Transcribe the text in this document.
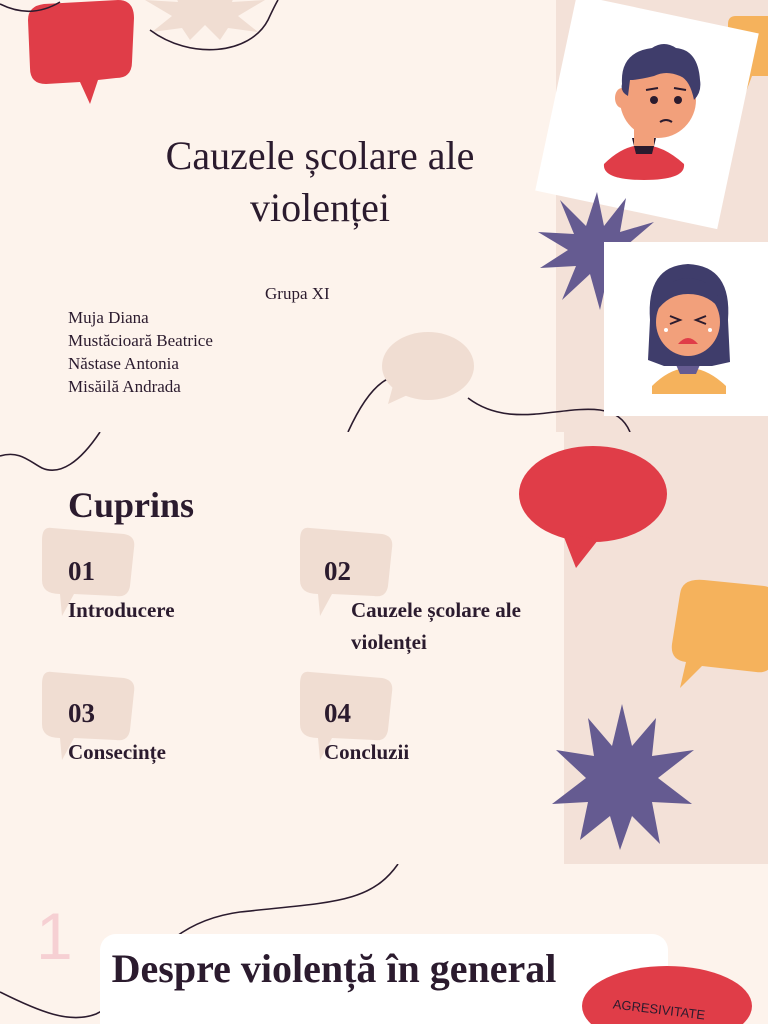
Cauzele școlare ale violenței
Grupa XI
Muja Diana
Mustăcioară Beatrice
Năstase Antonia
Misăilă Andrada
Cuprins
01
Introducere
02
Cauzele școlare ale violenței
03
Consecințe
04
Concluzii
1 Despre violență în general
AGRESIVITATE
